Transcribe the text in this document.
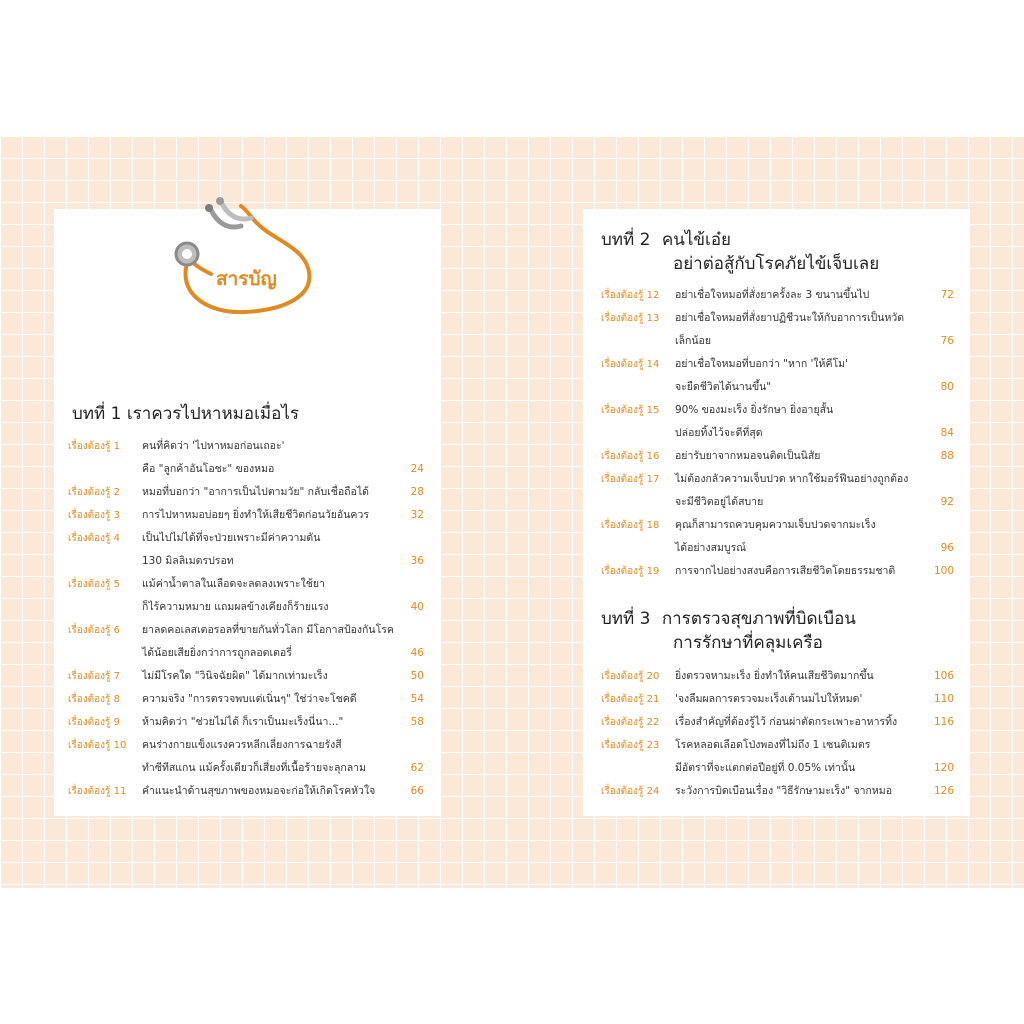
สารบัญ
บทที่ 1 เราควรไปหาหมอเมื่อไร
เรื่องต้องรู้ 1 คนที่คิดว่า 'ไปหาหมอก่อนเถอะ'
คือ "ลูกค้าอันโอชะ" ของหมอ	24
เรื่องต้องรู้ 2 หมอที่บอกว่า "อาการเป็นไปตามวัย" กลับเชื่อถือได้	28
เรื่องต้องรู้ 3 การไปหาหมอบ่อยๆ ยิ่งทำให้เสียชีวิตก่อนวัยอันควร	32
เรื่องต้องรู้ 4 เป็นไปไม่ได้ที่จะป่วยเพราะมีค่าความดัน
130 มิลลิเมตรปรอท	36
เรื่องต้องรู้ 5 แม้ค่าน้ำตาลในเลือดจะลดลงเพราะใช้ยา
ก็ไร้ความหมาย แถมผลข้างเคียงก็ร้ายแรง	40
เรื่องต้องรู้ 6 ยาลดคอเลสเตอรอลที่ขายกันทั่วโลก มีโอกาสป้องกันโรค
ได้น้อยเสียยิ่งกว่าการถูกลอตเตอรี่	46
เรื่องต้องรู้ 7 ไม่มีโรคใด "วินิจฉัยผิด" ได้มากเท่ามะเร็ง	50
เรื่องต้องรู้ 8 ความจริง "การตรวจพบแต่เนิ่นๆ" ใช่ว่าจะโชคดี	54
เรื่องต้องรู้ 9 ห้ามคิดว่า "ช่วยไม่ได้ ก็เราเป็นมะเร็งนี่นา..."	58
เรื่องต้องรู้ 10 คนร่างกายแข็งแรงควรหลีกเลี่ยงการฉายรังสี
ทำซีทีสแกน แม้ครั้งเดียวก็เสี่ยงที่เนื้อร้ายจะลุกลาม	62
เรื่องต้องรู้ 11 คำแนะนำด้านสุขภาพของหมอจะก่อให้เกิดโรคหัวใจ	66
บทที่ 2 คนไข้เอ๋ย
อย่าต่อสู้กับโรคภัยไข้เจ็บเลย
เรื่องต้องรู้ 12 อย่าเชื่อใจหมอที่สั่งยาครั้งละ 3 ขนานขึ้นไป	72
เรื่องต้องรู้ 13 อย่าเชื่อใจหมอที่สั่งยาปฏิชีวนะให้กับอาการเป็นหวัด
เล็กน้อย	76
เรื่องต้องรู้ 14 อย่าเชื่อใจหมอที่บอกว่า "หาก 'ให้คีโม'
จะยืดชีวิตได้นานขึ้น"	80
เรื่องต้องรู้ 15 90% ของมะเร็ง ยิ่งรักษา ยิ่งอายุสั้น
ปล่อยทิ้งไว้จะดีที่สุด	84
เรื่องต้องรู้ 16 อย่ารับยาจากหมอจนติดเป็นนิสัย	88
เรื่องต้องรู้ 17 ไม่ต้องกลัวความเจ็บปวด หากใช้มอร์ฟีนอย่างถูกต้อง
จะมีชีวิตอยู่ได้สบาย	92
เรื่องต้องรู้ 18 คุณก็สามารถควบคุมความเจ็บปวดจากมะเร็ง
ได้อย่างสมบูรณ์	96
เรื่องต้องรู้ 19 การจากไปอย่างสงบคือการเสียชีวิตโดยธรรมชาติ	100
บทที่ 3 การตรวจสุขภาพที่บิดเบือน
การรักษาที่คลุมเครือ
เรื่องต้องรู้ 20 ยิ่งตรวจหามะเร็ง ยิ่งทำให้คนเสียชีวิตมากขึ้น	106
เรื่องต้องรู้ 21 'จงลืมผลการตรวจมะเร็งเต้านมไปให้หมด'	110
เรื่องต้องรู้ 22 เรื่องสำคัญที่ต้องรู้ไว้ ก่อนผ่าตัดกระเพาะอาหารทิ้ง	116
เรื่องต้องรู้ 23 โรคหลอดเลือดโป่งพองที่ไม่ถึง 1 เซนติเมตร
มีอัตราที่จะแตกต่อปีอยู่ที่ 0.05% เท่านั้น	120
เรื่องต้องรู้ 24 ระวังการบิดเบือนเรื่อง "วิธีรักษามะเร็ง" จากหมอ	126
